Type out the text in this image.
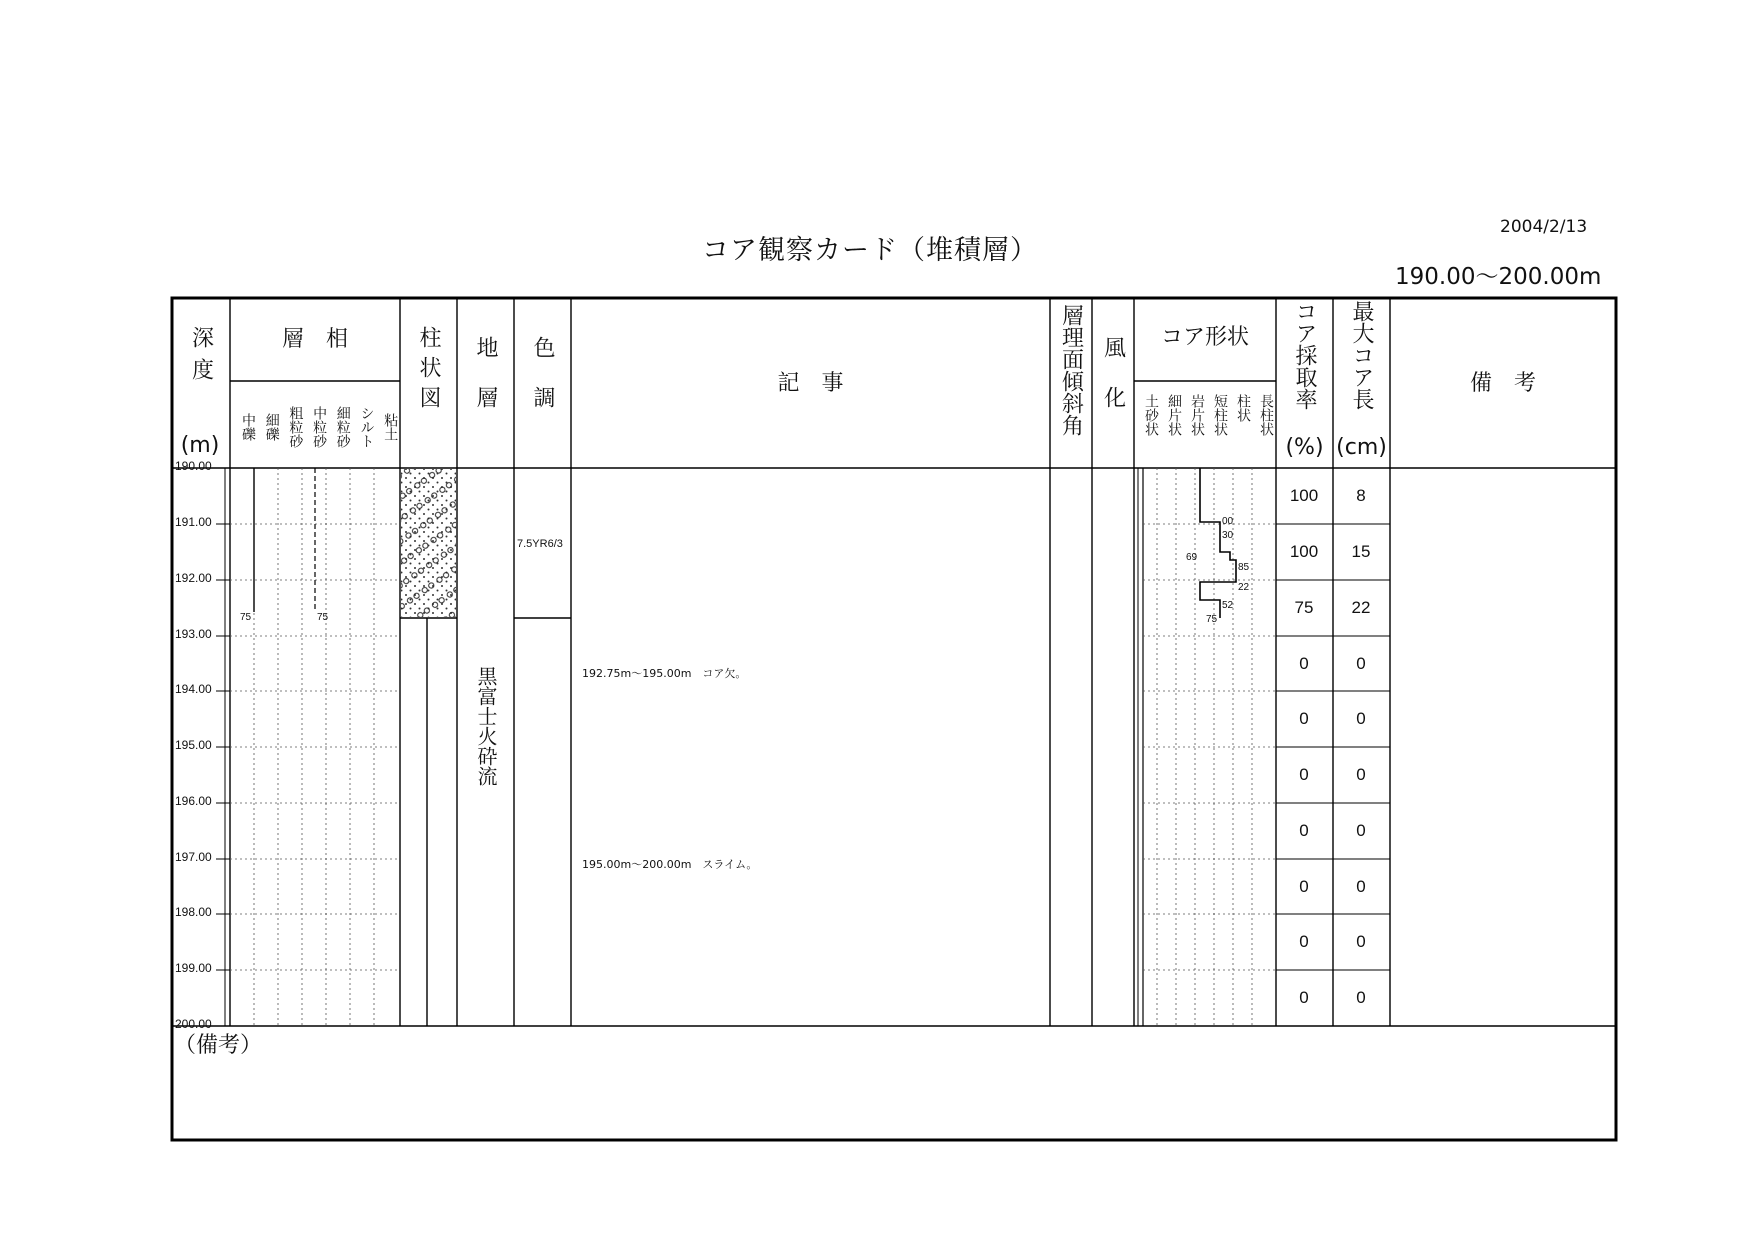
コア観察カード（堆積層）
2004/2/13
190.00～200.00m
深度
(m)
層　相
中礫 細礫 粗粒砂 中粒砂 細粒砂 シルト 粘土
柱状図 地層 色調	記　事	層理面傾斜角 風化	コア形状
土砂状 細片状 岩片状 短柱状 柱状 長柱状
コア採取率
(%)
最大コア長
(cm)
備　考
190.00
191.00
192.00
193.00
194.00
195.00
196.00
197.00
198.00
199.00
200.00
75	75
黒富士火砕流
7.5YR6/3
192.75m～195.00m　コア欠。
195.00m～200.00m　スライム。
00
30
69
85
22
52
75
100	8
100	15
75	22
0	0
0	0
0	0
0	0
0	0
0	0
0	0
（備考）
